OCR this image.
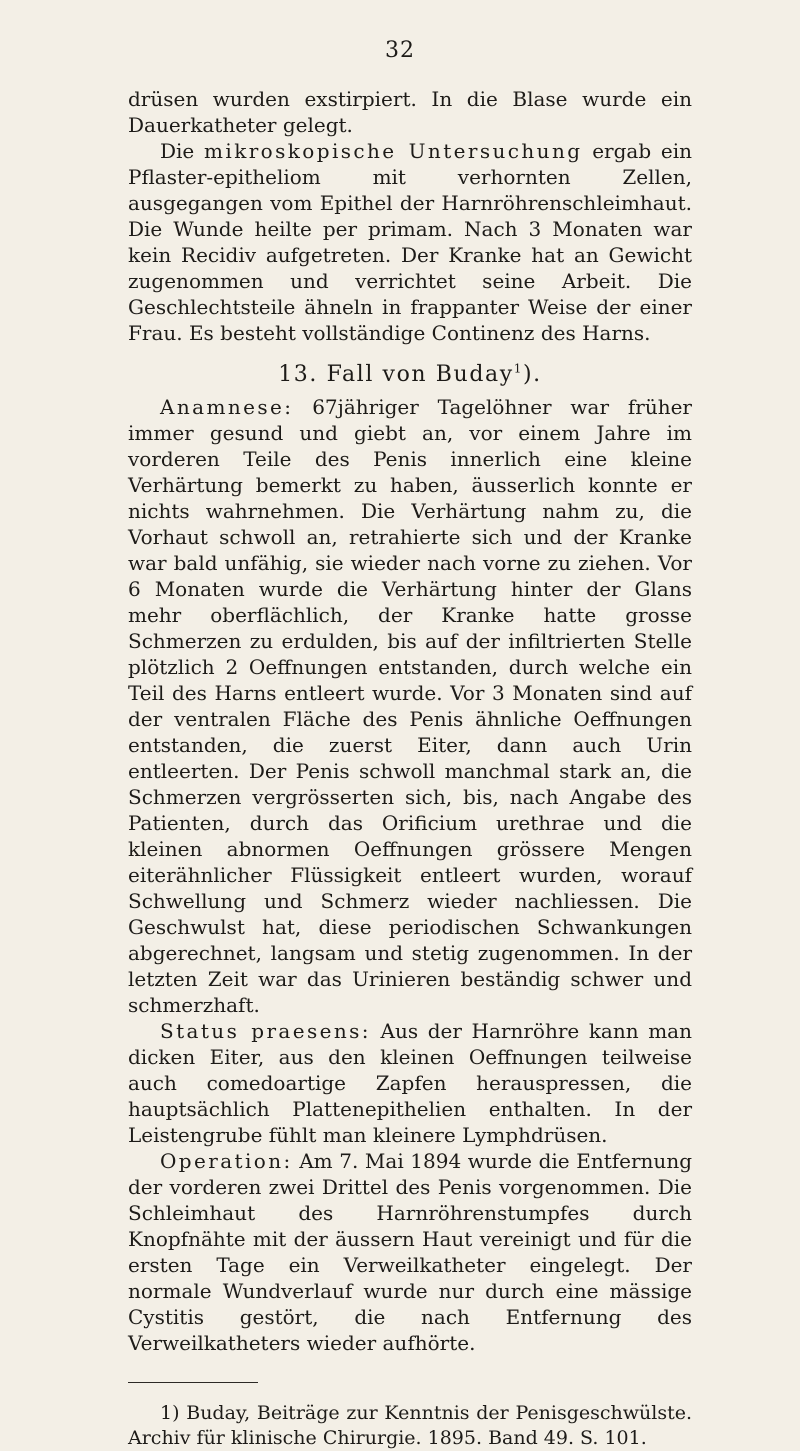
32

drüsen wurden exstirpiert. In die Blase wurde ein Dauerkatheter gelegt.

Die mikroskopische Untersuchung ergab ein Pflaster-epitheliom mit verhornten Zellen, ausgegangen vom Epithel der Harnröhrenschleimhaut. Die Wunde heilte per primam. Nach 3 Monaten war kein Recidiv aufgetreten. Der Kranke hat an Gewicht zugenommen und verrichtet seine Arbeit. Die Geschlechtsteile ähneln in frappanter Weise der einer Frau. Es besteht vollständige Continenz des Harns.

13. Fall von Buday$^1$).

Anamnese: 67jähriger Tagelöhner war früher immer gesund und giebt an, vor einem Jahre im vorderen Teile des Penis innerlich eine kleine Verhärtung bemerkt zu haben, äusserlich konnte er nichts wahrnehmen. Die Verhärtung nahm zu, die Vorhaut schwoll an, retrahierte sich und der Kranke war bald unfähig, sie wieder nach vorne zu ziehen. Vor 6 Monaten wurde die Verhärtung hinter der Glans mehr oberflächlich, der Kranke hatte grosse Schmerzen zu erdulden, bis auf der infiltrierten Stelle plötzlich 2 Oeffnungen entstanden, durch welche ein Teil des Harns entleert wurde. Vor 3 Monaten sind auf der ventralen Fläche des Penis ähnliche Oeffnungen entstanden, die zuerst Eiter, dann auch Urin entleerten. Der Penis schwoll manchmal stark an, die Schmerzen vergrösserten sich, bis, nach Angabe des Patienten, durch das Orificium urethrae und die kleinen abnormen Oeffnungen grössere Mengen eiterähnlicher Flüssigkeit entleert wurden, worauf Schwellung und Schmerz wieder nachliessen. Die Geschwulst hat, diese periodischen Schwankungen abgerechnet, langsam und stetig zugenommen. In der letzten Zeit war das Urinieren beständig schwer und schmerzhaft.

Status praesens: Aus der Harnröhre kann man dicken Eiter, aus den kleinen Oeffnungen teilweise auch comedoartige Zapfen herauspressen, die hauptsächlich Plattenepithelien enthalten. In der Leistengrube fühlt man kleinere Lymphdrüsen.

Operation: Am 7. Mai 1894 wurde die Entfernung der vorderen zwei Drittel des Penis vorgenommen. Die Schleimhaut des Harnröhrenstumpfes durch Knopfnähte mit der äussern Haut vereinigt und für die ersten Tage ein Verweilkatheter eingelegt. Der normale Wundverlauf wurde nur durch eine mässige Cystitis gestört, die nach Entfernung des Verweilkatheters wieder aufhörte.

1) Buday, Beiträge zur Kenntnis der Penisgeschwülste. Archiv für klinische Chirurgie. 1895. Band 49. S. 101.
